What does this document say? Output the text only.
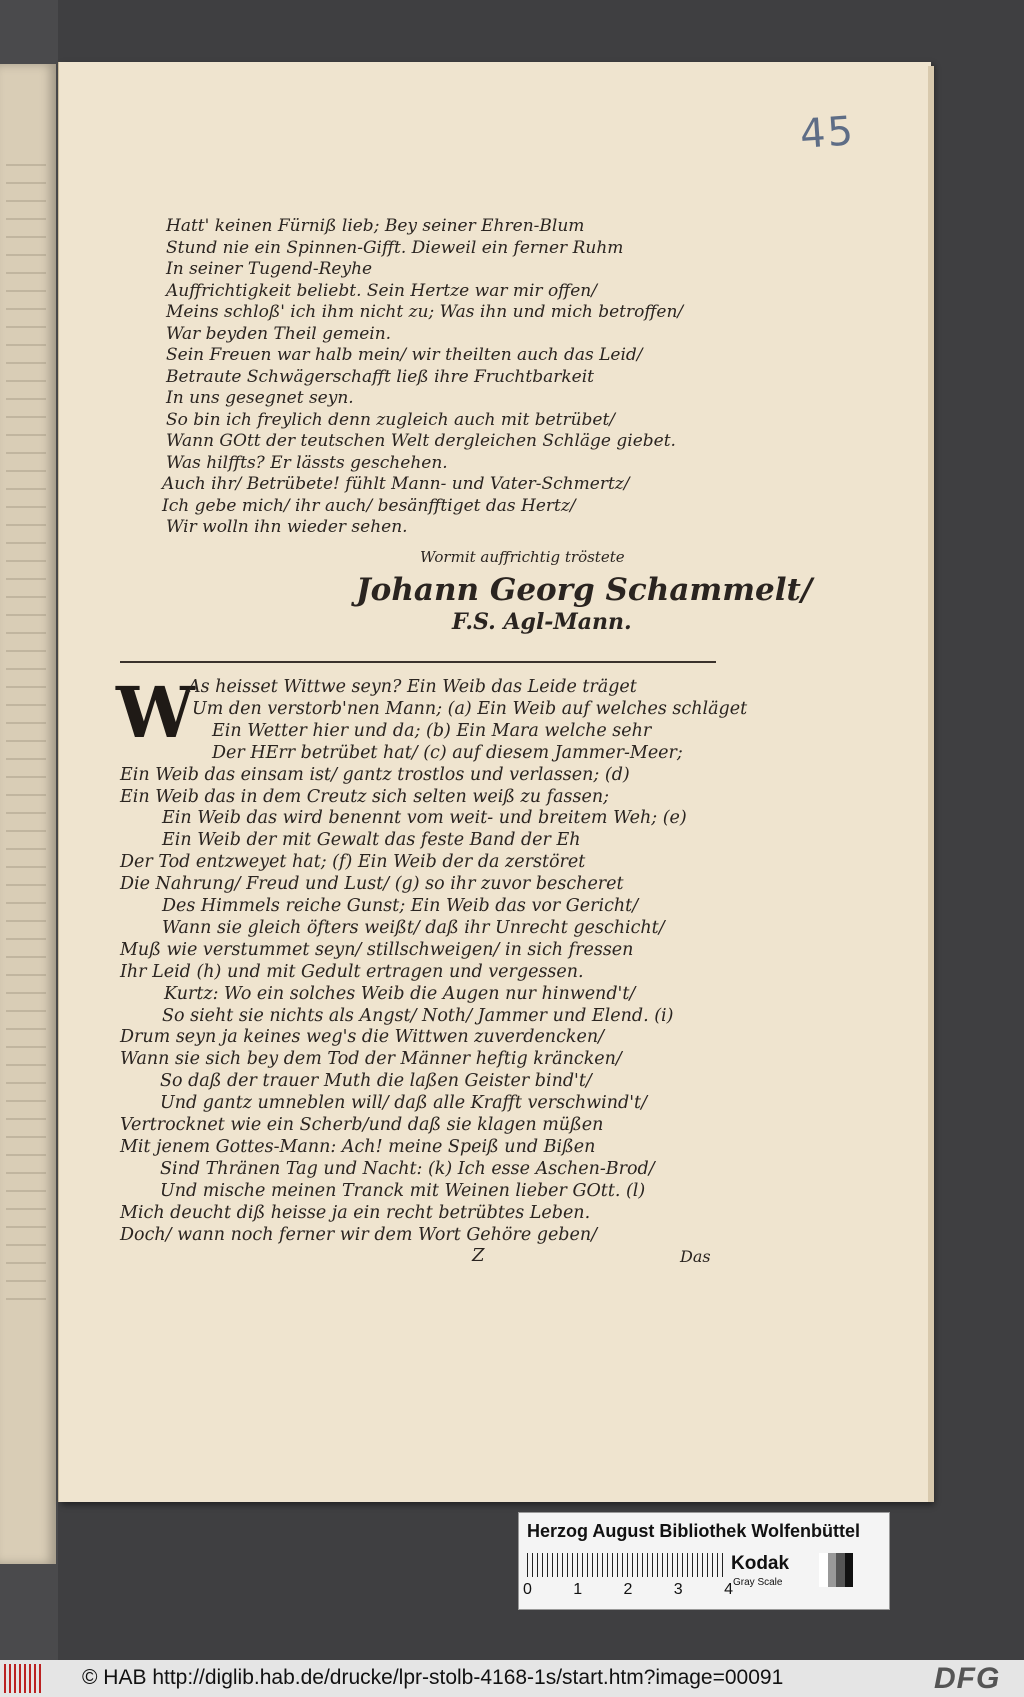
45
Hatt' keinen Fürniß lieb; Bey seiner Ehren-Blum
Stund nie ein Spinnen-Gifft. Dieweil ein ferner Ruhm
In seiner Tugend-Reyhe
Auffrichtigkeit beliebt. Sein Hertze war mir offen/
Meins schloß' ich ihm nicht zu; Was ihn und mich betroffen/
War beyden Theil gemein.
Sein Freuen war halb mein/ wir theilten auch das Leid/
Betraute Schwägerschafft ließ ihre Fruchtbarkeit
In uns gesegnet seyn.
So bin ich freylich denn zugleich auch mit betrübet/
Wann GOtt der teutschen Welt dergleichen Schläge giebet.
Was hilffts? Er lässts geschehen.
Auch ihr/ Betrübete! fühlt Mann- und Vater-Schmertz/
Ich gebe mich/ ihr auch/ besänfftiget das Hertz/
Wir wolln ihn wieder sehen.
Wormit auffrichtig tröstete
Johann Georg Schammelt/
F.S. Agl-Mann.
W
As heisset Wittwe seyn? Ein Weib das Leide träget
Um den verstorb'nen Mann; (a) Ein Weib auf welches schläget
Ein Wetter hier und da; (b) Ein Mara welche sehr
Der HErr betrübet hat/ (c) auf diesem Jammer-Meer;
Ein Weib das einsam ist/ gantz trostlos und verlassen; (d)
Ein Weib das in dem Creutz sich selten weiß zu fassen;
Ein Weib das wird benennt vom weit- und breitem Weh; (e)
Ein Weib der mit Gewalt das feste Band der Eh
Der Tod entzweyet hat; (f) Ein Weib der da zerstöret
Die Nahrung/ Freud und Lust/ (g) so ihr zuvor bescheret
Des Himmels reiche Gunst; Ein Weib das vor Gericht/
Wann sie gleich öfters weißt/ daß ihr Unrecht geschicht/
Muß wie verstummet seyn/ stillschweigen/ in sich fressen
Ihr Leid (h) und mit Gedult ertragen und vergessen.
Kurtz: Wo ein solches Weib die Augen nur hinwend't/
So sieht sie nichts als Angst/ Noth/ Jammer und Elend. (i)
Drum seyn ja keines weg's die Wittwen zuverdencken/
Wann sie sich bey dem Tod der Männer heftig kräncken/
So daß der trauer Muth die laßen Geister bind't/
Und gantz umneblen will/ daß alle Krafft verschwind't/
Vertrocknet wie ein Scherb/und daß sie klagen müßen
Mit jenem Gottes-Mann: Ach! meine Speiß und Bißen
Sind Thränen Tag und Nacht: (k) Ich esse Aschen-Brod/
Und mische meinen Tranck mit Weinen lieber GOtt. (l)
Mich deucht diß heisse ja ein recht betrübtes Leben.
Doch/ wann noch ferner wir dem Wort Gehöre geben/
Z	Das
Herzog August Bibliothek Wolfenbüttel
0	1	2	3	4
Kodak
Gray Scale
© HAB http://diglib.hab.de/drucke/lpr-stolb-4168-1s/start.htm?image=00091	DFG
